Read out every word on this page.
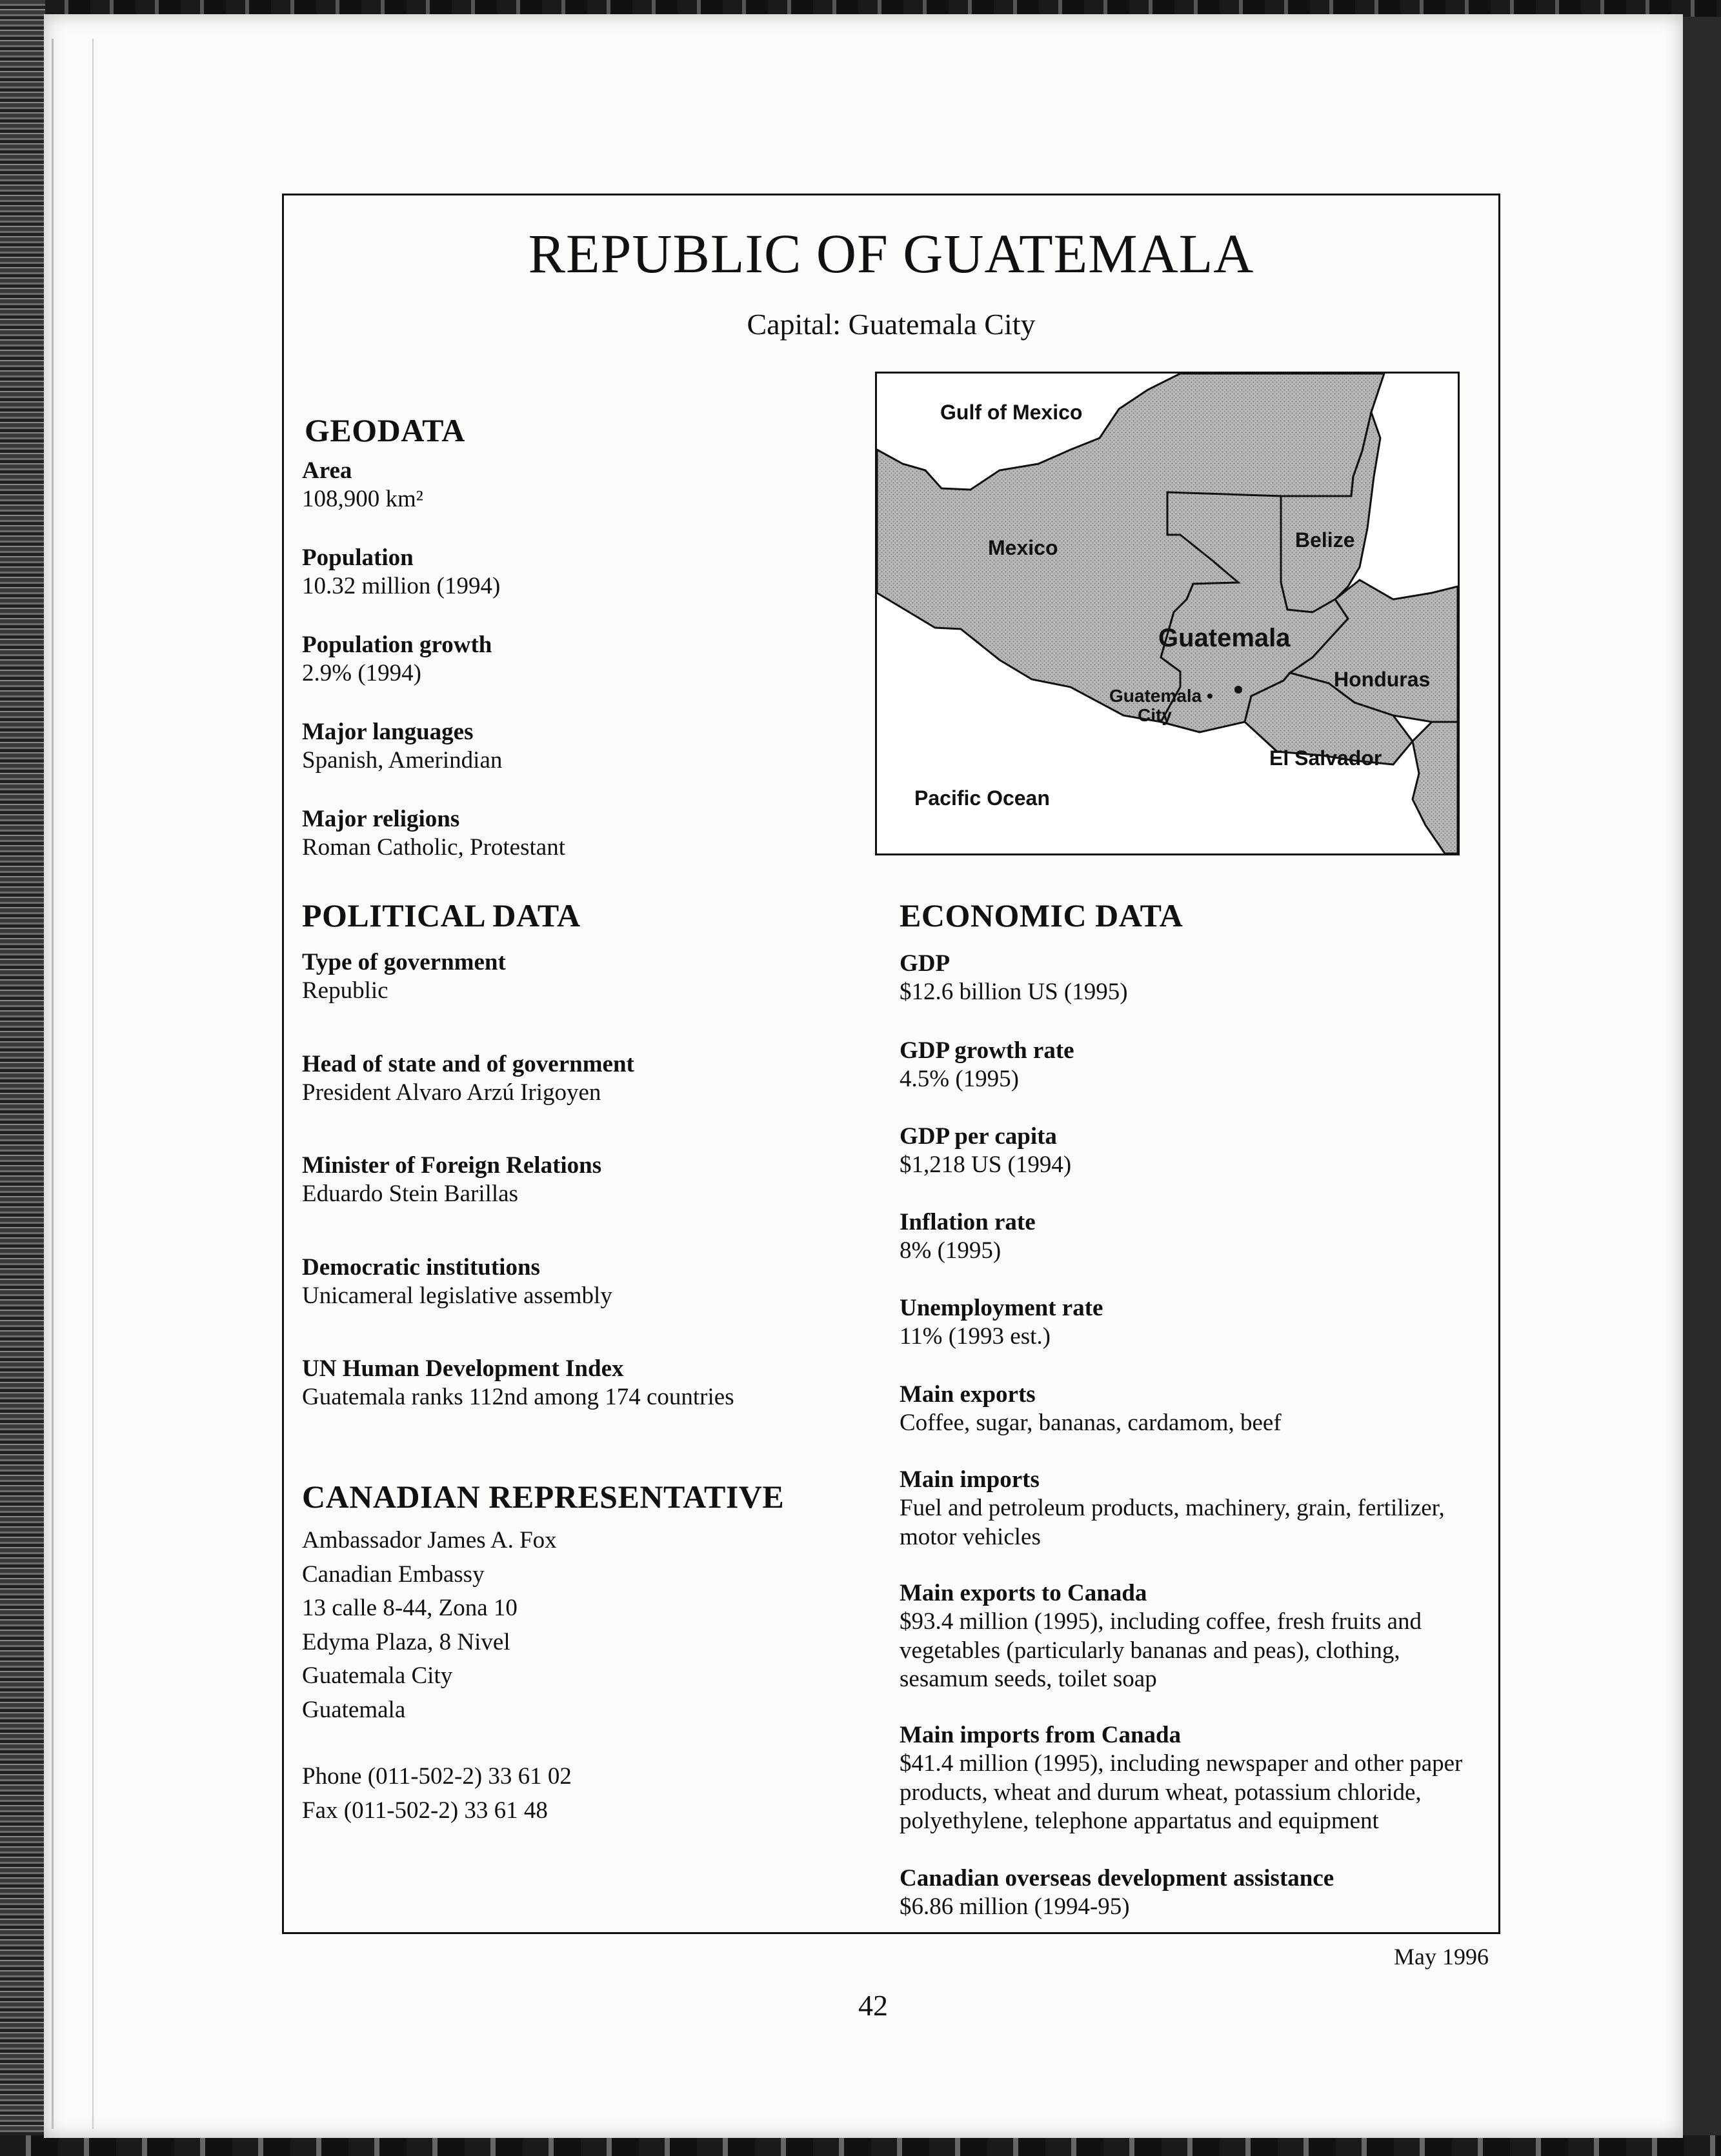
REPUBLIC OF GUATEMALA
Capital: Guatemala City
Gulf of Mexico
Mexico	Belize
Guatemala
Guatemala •
City
Honduras
El Salvador
Pacific Ocean
GEODATA
Area
108,900 km²
Population
10.32 million (1994)
Population growth
2.9% (1994)
Major languages
Spanish, Amerindian
Major religions
Roman Catholic, Protestant
POLITICAL DATA
Type of government
Republic
Head of state and of government
President Alvaro Arzú Irigoyen
Minister of Foreign Relations
Eduardo Stein Barillas
Democratic institutions
Unicameral legislative assembly
UN Human Development Index
Guatemala ranks 112nd among 174 countries
CANADIAN REPRESENTATIVE
Ambassador James A. Fox
Canadian Embassy
13 calle 8-44, Zona 10
Edyma Plaza, 8 Nivel
Guatemala City
Guatemala
Phone (011-502-2) 33 61 02
Fax (011-502-2) 33 61 48
ECONOMIC DATA
GDP
$12.6 billion US (1995)
GDP growth rate
4.5% (1995)
GDP per capita
$1,218 US (1994)
Inflation rate
8% (1995)
Unemployment rate
11% (1993 est.)
Main exports
Coffee, sugar, bananas, cardamom, beef
Main imports
Fuel and petroleum products, machinery, grain, fertilizer,
motor vehicles
Main exports to Canada
$93.4 million (1995), including coffee, fresh fruits and
vegetables (particularly bananas and peas), clothing,
sesamum seeds, toilet soap
Main imports from Canada
$41.4 million (1995), including newspaper and other paper
products, wheat and durum wheat, potassium chloride,
polyethylene, telephone appartatus and equipment
Canadian overseas development assistance
$6.86 million (1994-95)
May 1996
42
